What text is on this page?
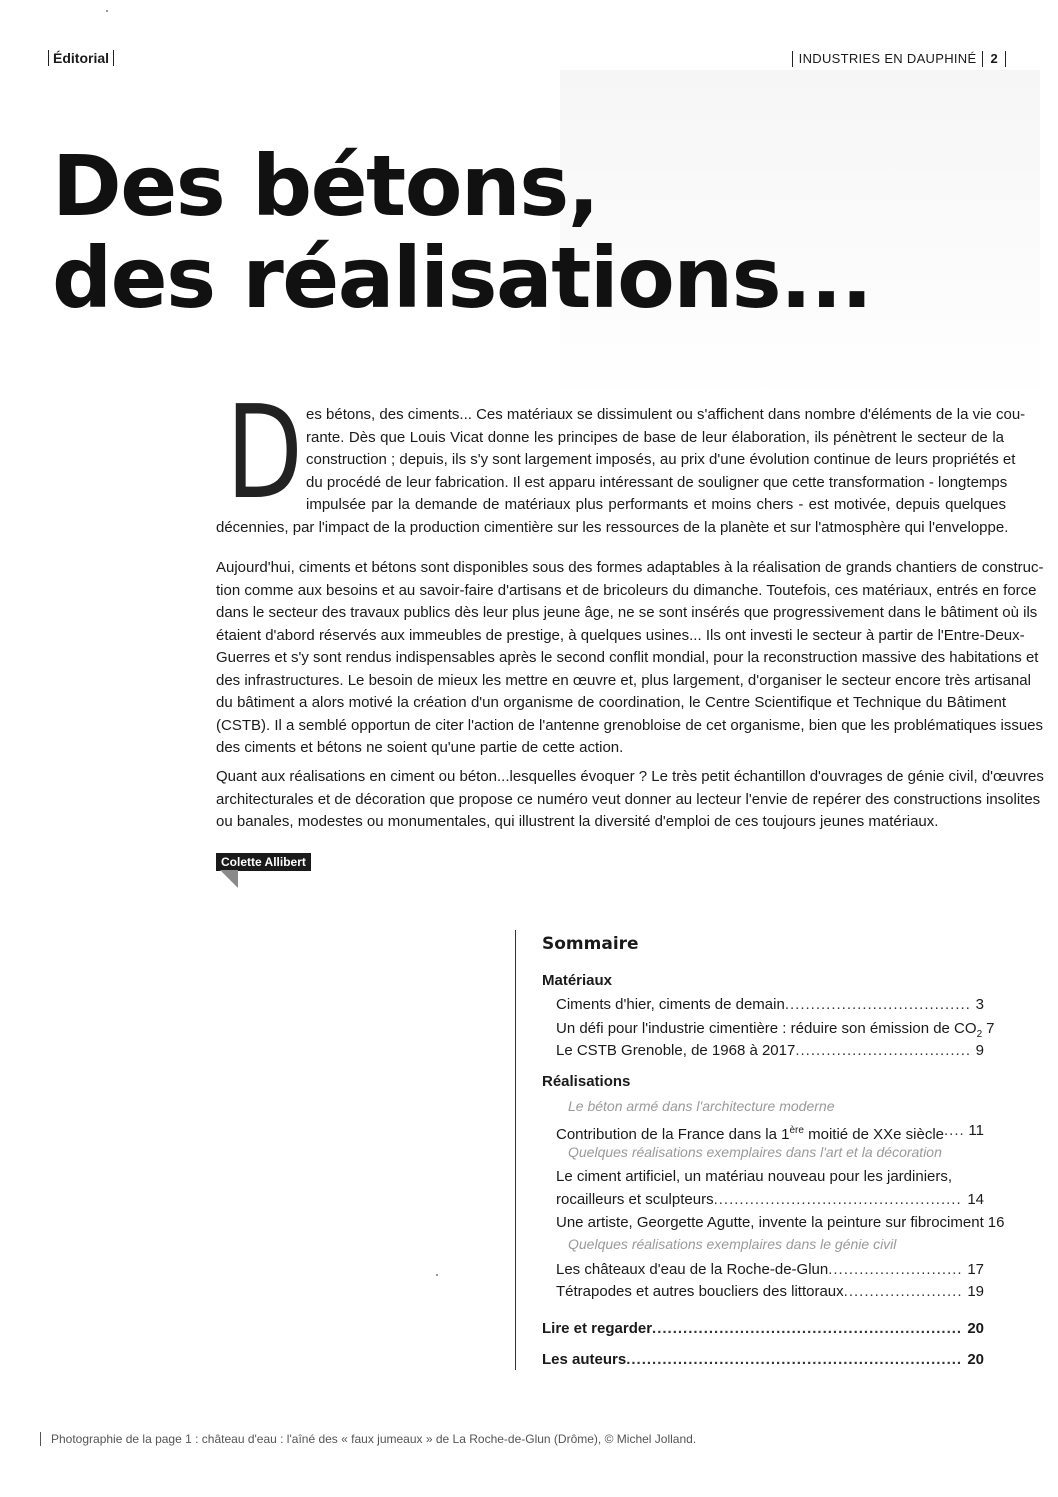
Éditorial	INDUSTRIES EN DAUPHINÉ	2
Des bétons,
des réalisations...
D es bétons, des ciments... Ces matériaux se dissimulent ou s'affichent dans nombre d'éléments de la vie cou-
rante. Dès que Louis Vicat donne les principes de base de leur élaboration, ils pénètrent le secteur de la
construction ; depuis, ils s'y sont largement imposés, au prix d'une évolution continue de leurs propriétés et
du procédé de leur fabrication. Il est apparu intéressant de souligner que cette transformation - longtemps
impulsée par la demande de matériaux plus performants et moins chers - est motivée, depuis quelques
décennies, par l'impact de la production cimentière sur les ressources de la planète et sur l'atmosphère qui l'enveloppe.
Aujourd'hui, ciments et bétons sont disponibles sous des formes adaptables à la réalisation de grands chantiers de construc-
tion comme aux besoins et au savoir-faire d'artisans et de bricoleurs du dimanche. Toutefois, ces matériaux, entrés en force
dans le secteur des travaux publics dès leur plus jeune âge, ne se sont insérés que progressivement dans le bâtiment où ils
étaient d'abord réservés aux immeubles de prestige, à quelques usines... Ils ont investi le secteur à partir de l'Entre-Deux-
Guerres et s'y sont rendus indispensables après le second conflit mondial, pour la reconstruction massive des habitations et
des infrastructures. Le besoin de mieux les mettre en œuvre et, plus largement, d'organiser le secteur encore très artisanal
du bâtiment a alors motivé la création d'un organisme de coordination, le Centre Scientifique et Technique du Bâtiment
(CSTB). Il a semblé opportun de citer l'action de l'antenne grenobloise de cet organisme, bien que les problématiques issues
des ciments et bétons ne soient qu'une partie de cette action.
Quant aux réalisations en ciment ou béton...lesquelles évoquer ? Le très petit échantillon d'ouvrages de génie civil, d'œuvres
architecturales et de décoration que propose ce numéro veut donner au lecteur l'envie de repérer des constructions insolites
ou banales, modestes ou monumentales, qui illustrent la diversité d'emploi de ces toujours jeunes matériaux.
Colette Allibert
Sommaire
Matériaux
Ciments d'hier, ciments de demain .....	3
Un défi pour l'industrie cimentière : réduire son émission de $CO_2$ 7
Le CSTB Grenoble, de 1968 à 2017 .....	9
Réalisations
Le béton armé dans l'architecture moderne
Contribution de la France dans la 1ère moitié de XXe siècle ..... 11
Quelques réalisations exemplaires dans l'art et la décoration
Le ciment artificiel, un matériau nouveau pour les jardiniers,
rocailleurs et sculpteurs .....	14
Une artiste, Georgette Agutte, invente la peinture sur fibrociment 16
Quelques réalisations exemplaires dans le génie civil
Les châteaux d'eau de la Roche-de-Glun .....	17
Tétrapodes et autres boucliers des littoraux .....	19
Lire et regarder .....	20
Les auteurs .....	20
Photographie de la page 1 : château d'eau : l'aîné des « faux jumeaux » de La Roche-de-Glun (Drôme), © Michel Jolland.
